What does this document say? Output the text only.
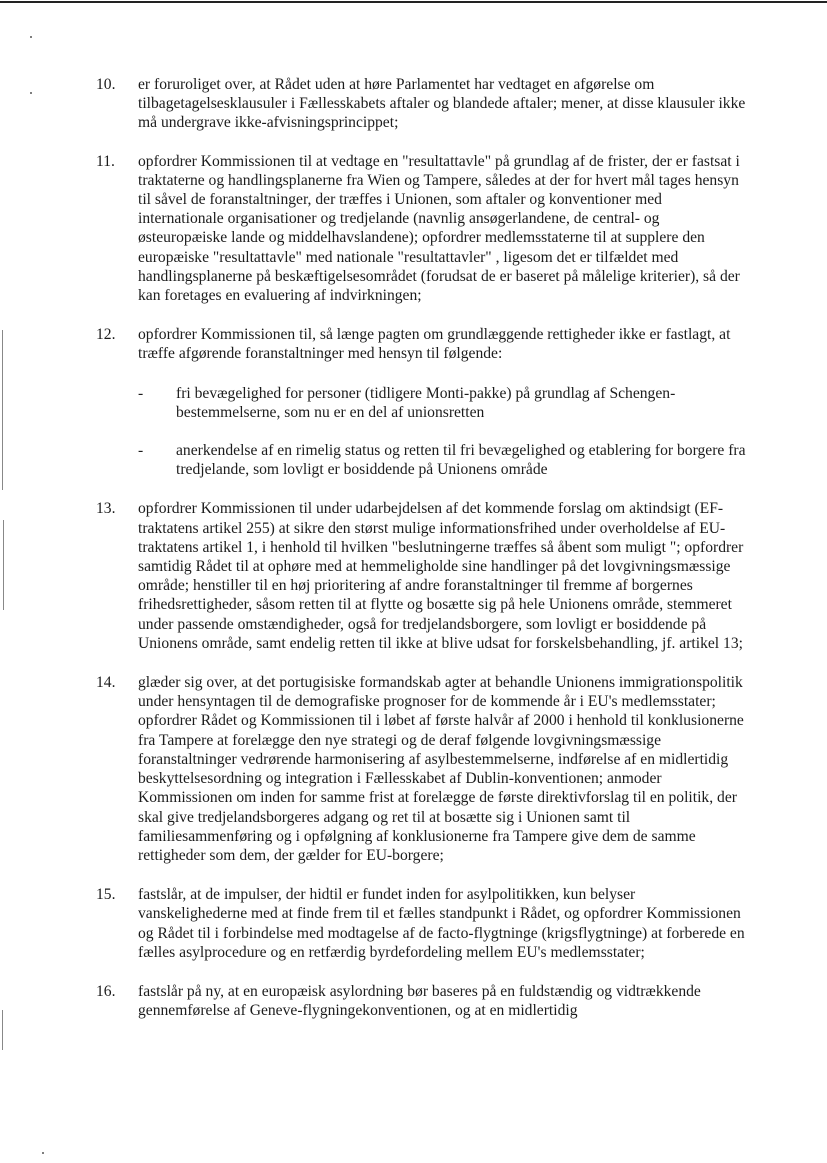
10.	er foruroliget over, at Rådet uden at høre Parlamentet har vedtaget en afgørelse om tilbagetagelsesklausuler i Fællesskabets aftaler og blandede aftaler; mener, at disse klausuler ikke må undergrave ikke-afvisningsprincippet;
11.	opfordrer Kommissionen til at vedtage en "resultattavle" på grundlag af de frister, der er fastsat i traktaterne og handlingsplanerne fra Wien og Tampere, således at der for hvert mål tages hensyn til såvel de foranstaltninger, der træffes i Unionen, som aftaler og konventioner med internationale organisationer og tredjelande (navnlig ansøgerlandene, de central- og østeuropæiske lande og middelhavslandene); opfordrer medlemsstaterne til at supplere den europæiske "resultattavle" med nationale "resultattavler" , ligesom det er tilfældet med handlingsplanerne på beskæftigelsesområdet (forudsat de er baseret på målelige kriterier), så der kan foretages en evaluering af indvirkningen;
12.	opfordrer Kommissionen til, så længe pagten om grundlæggende rettigheder ikke er fastlagt, at træffe afgørende foranstaltninger med hensyn til følgende:
-	fri bevægelighed for personer (tidligere Monti-pakke) på grundlag af Schengen-bestemmelserne, som nu er en del af unionsretten
-	anerkendelse af en rimelig status og retten til fri bevægelighed og etablering for borgere fra tredjelande, som lovligt er bosiddende på Unionens område
13.	opfordrer Kommissionen til under udarbejdelsen af det kommende forslag om aktindsigt (EF-traktatens artikel 255) at sikre den størst mulige informationsfrihed under overholdelse af EU-traktatens artikel 1, i henhold til hvilken "beslutningerne træffes så åbent som muligt "; opfordrer samtidig Rådet til at ophøre med at hemmeligholde sine handlinger på det lovgivningsmæssige område; henstiller til en høj prioritering af andre foranstaltninger til fremme af borgernes frihedsrettigheder, såsom retten til at flytte og bosætte sig på hele Unionens område, stemmeret under passende omstændigheder, også for tredjelandsborgere, som lovligt er bosiddende på Unionens område, samt endelig retten til ikke at blive udsat for forskelsbehandling, jf. artikel 13;
14.	glæder sig over, at det portugisiske formandskab agter at behandle Unionens immigrationspolitik under hensyntagen til de demografiske prognoser for de kommende år i EU's medlemsstater; opfordrer Rådet og Kommissionen til i løbet af første halvår af 2000 i henhold til konklusionerne fra Tampere at forelægge den nye strategi og de deraf følgende lovgivningsmæssige foranstaltninger vedrørende harmonisering af asylbestemmelserne, indførelse af en midlertidig beskyttelsesordning og integration i Fællesskabet af Dublin-konventionen; anmoder Kommissionen om inden for samme frist at forelægge de første direktivforslag til en politik, der skal give tredjelandsborgeres adgang og ret til at bosætte sig i Unionen samt til familiesammenføring og i opfølgning af konklusionerne fra Tampere give dem de samme rettigheder som dem, der gælder for EU-borgere;
15.	fastslår, at de impulser, der hidtil er fundet inden for asylpolitikken, kun belyser vanskelighederne med at finde frem til et fælles standpunkt i Rådet, og opfordrer Kommissionen og Rådet til i forbindelse med modtagelse af de facto-flygtninge (krigsflygtninge) at forberede en fælles asylprocedure og en retfærdig byrdefordeling mellem EU's medlemsstater;
16.	fastslår på ny, at en europæisk asylordning bør baseres på en fuldstændig og vidtrækkende gennemførelse af Geneve-flygningekonventionen, og at en midlertidig
